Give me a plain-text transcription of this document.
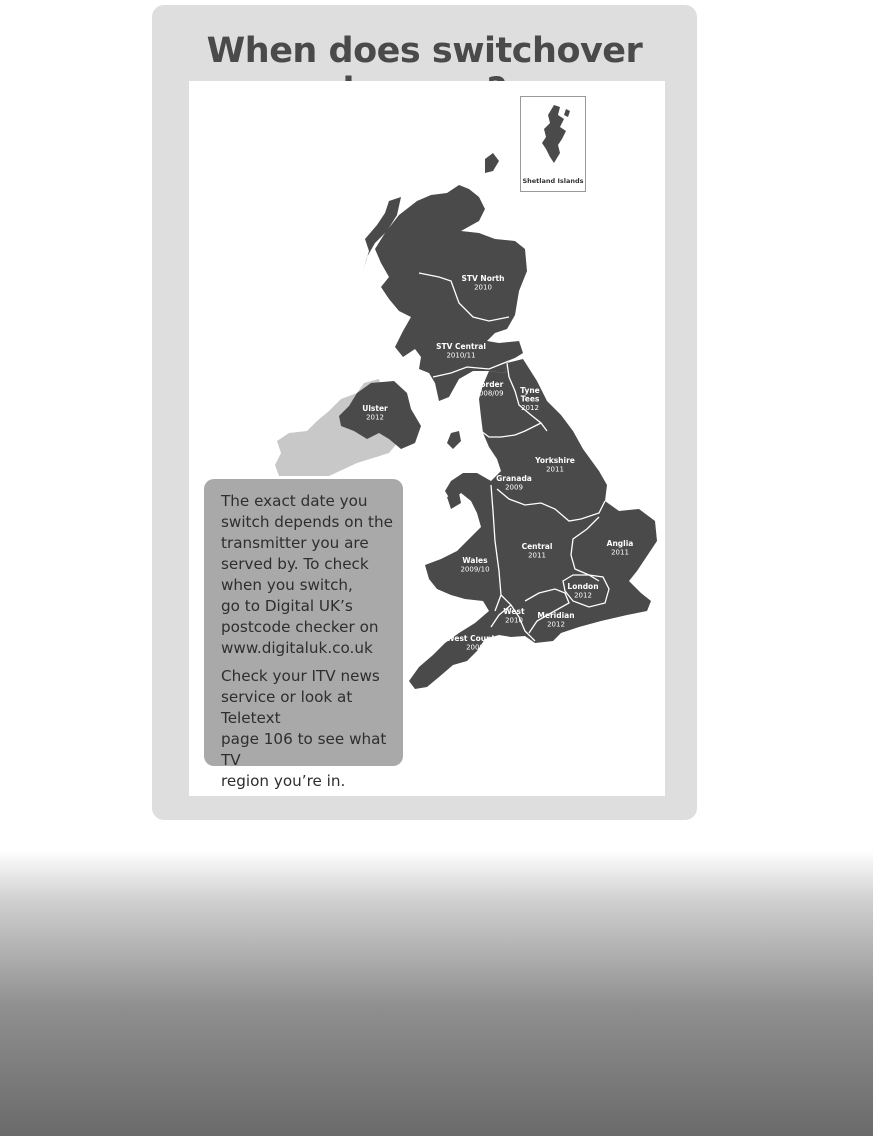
When does switchover
STV North
2010
STV Central
2010/11
Border
2008/09 Tyne
Tees
2012
Ulster
2012
Granada
2009
Yorkshire
2011
Wales
2009/10
Central
2011
Anglia
2011
London
2012
West
2010
Meridian
2012
West Country
2009
Shetland Islands

The exact date you
switch depends on the
transmitter you are
served by. To check
when you switch,
go to Digital UK’s
postcode checker on
www.digitaluk.co.uk

Check your ITV news
service or look at Teletext
page 106 to see what TV
region you’re in.
